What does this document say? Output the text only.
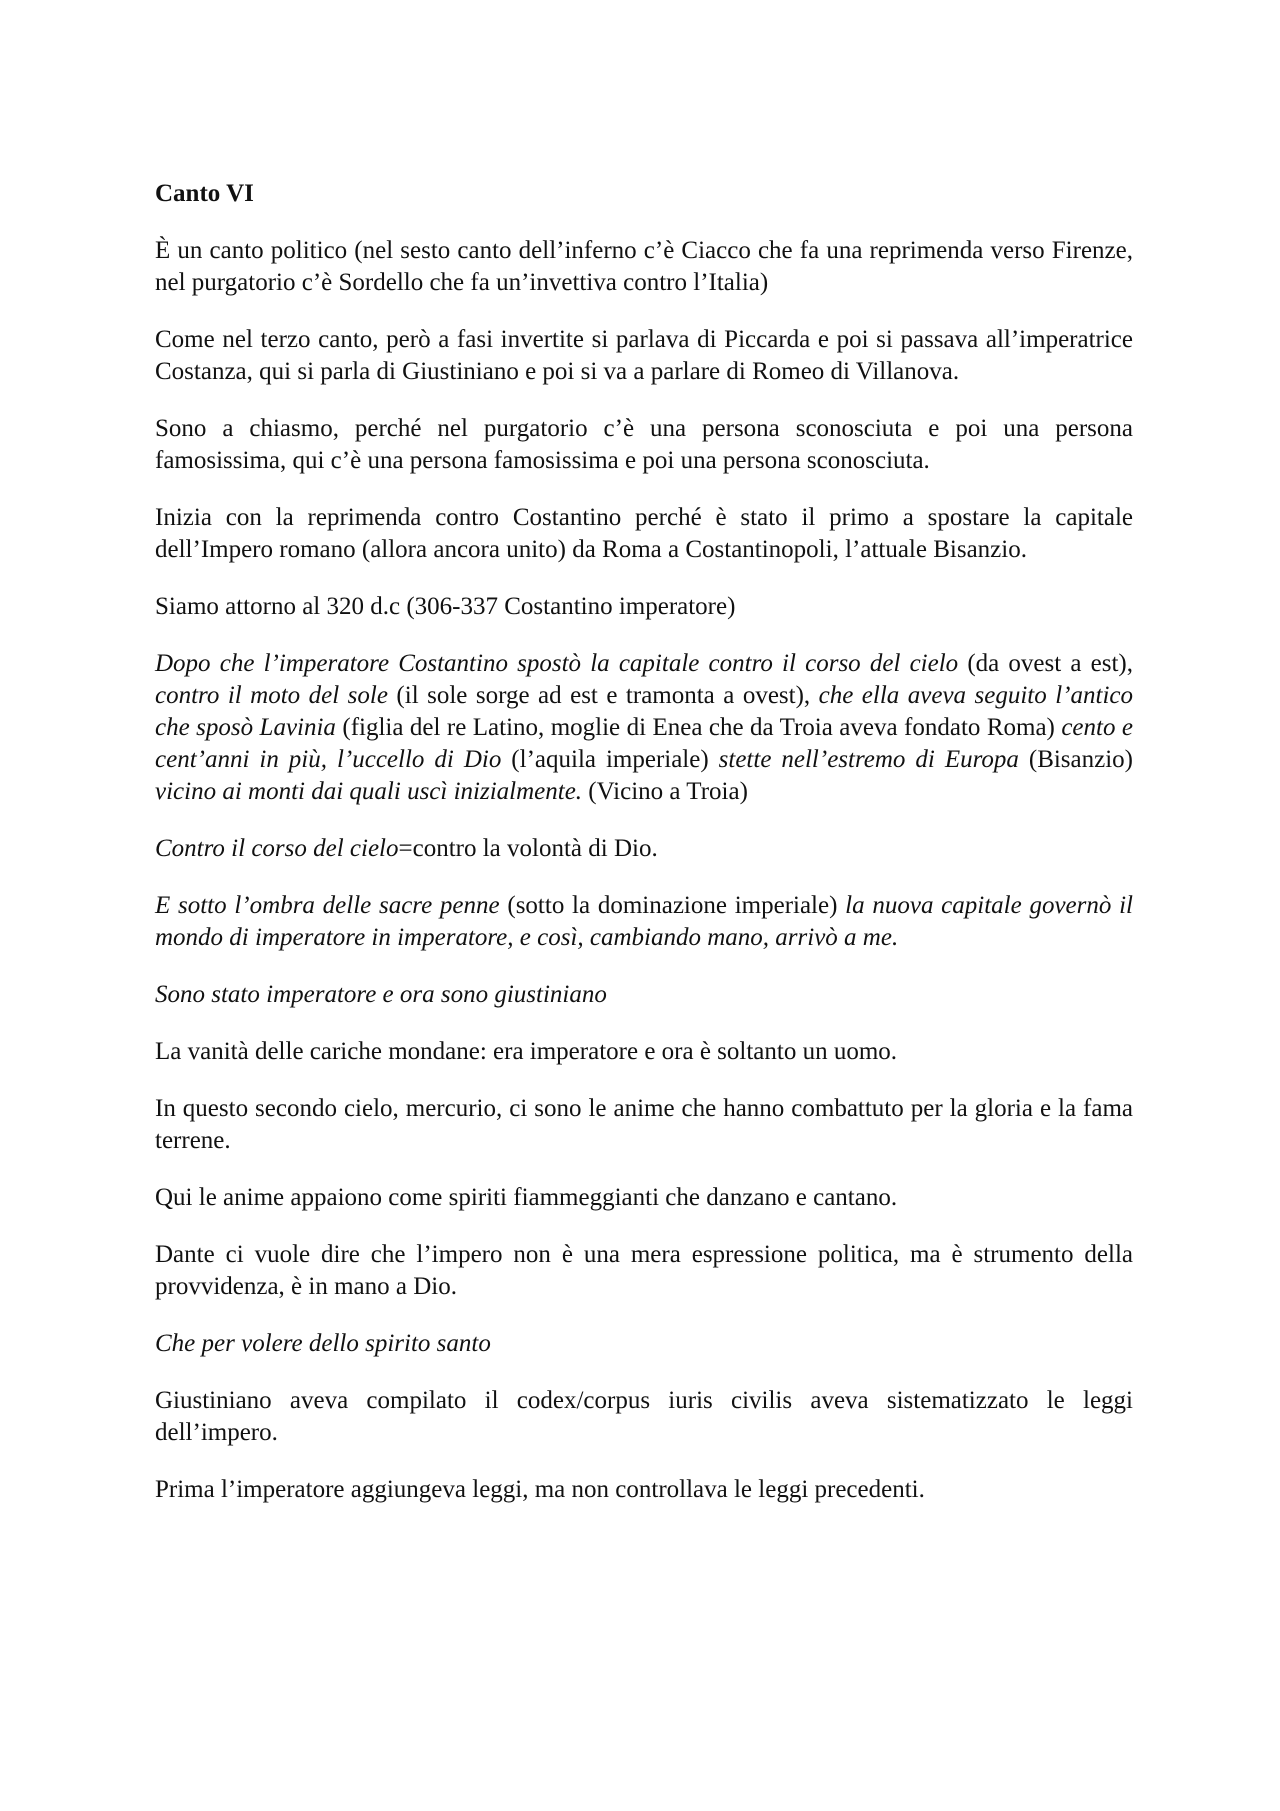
Canto VI

È un canto politico (nel sesto canto dell’inferno c’è Ciacco che fa una reprimenda verso Firenze, nel purgatorio c’è Sordello che fa un’invettiva contro l’Italia)

Come nel terzo canto, però a fasi invertite si parlava di Piccarda e poi si passava all’imperatrice Costanza, qui si parla di Giustiniano e poi si va a parlare di Romeo di Villanova.

Sono a chiasmo, perché nel purgatorio c’è una persona sconosciuta e poi una persona famosissima, qui c’è una persona famosissima e poi una persona sconosciuta.

Inizia con la reprimenda contro Costantino perché è stato il primo a spostare la capitale dell’Impero romano (allora ancora unito) da Roma a Costantinopoli, l’attuale Bisanzio.

Siamo attorno al 320 d.c (306-337 Costantino imperatore)

Dopo che l’imperatore Costantino spostò la capitale contro il corso del cielo (da ovest a est), contro il moto del sole (il sole sorge ad est e tramonta a ovest), che ella aveva seguito l’antico che sposò Lavinia (figlia del re Latino, moglie di Enea che da Troia aveva fondato Roma) cento e cent’anni in più, l’uccello di Dio (l’aquila imperiale) stette nell’estremo di Europa (Bisanzio) vicino ai monti dai quali uscì inizialmente. (Vicino a Troia)

Contro il corso del cielo=contro la volontà di Dio.

E sotto l’ombra delle sacre penne (sotto la dominazione imperiale) la nuova capitale governò il mondo di imperatore in imperatore, e così, cambiando mano, arrivò a me.

Sono stato imperatore e ora sono giustiniano

La vanità delle cariche mondane: era imperatore e ora è soltanto un uomo.

In questo secondo cielo, mercurio, ci sono le anime che hanno combattuto per la gloria e la fama terrene.

Qui le anime appaiono come spiriti fiammeggianti che danzano e cantano.

Dante ci vuole dire che l’impero non è una mera espressione politica, ma è strumento della provvidenza, è in mano a Dio.

Che per volere dello spirito santo

Giustiniano aveva compilato il codex/corpus iuris civilis aveva sistematizzato le leggi dell’impero.

Prima l’imperatore aggiungeva leggi, ma non controllava le leggi precedenti.
